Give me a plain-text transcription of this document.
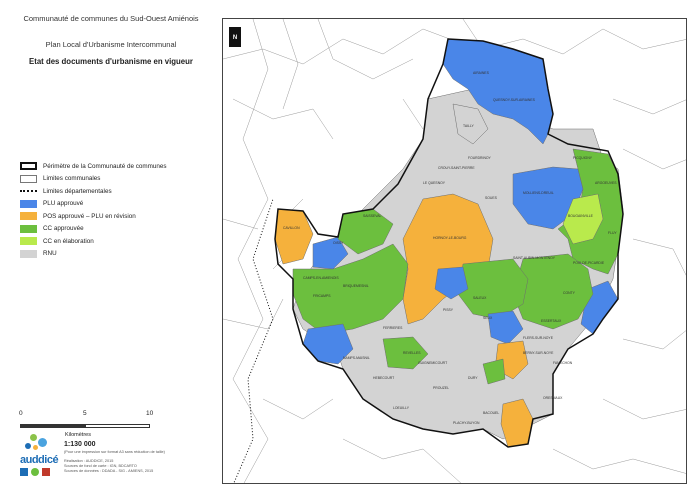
Communauté de communes du Sud-Ouest Amiénois
Plan Local d'Urbanisme Intercommunal
Etat des documents d'urbanisme en vigueur
Périmètre de la Communauté de communes
Limites communales
Limites départementales
PLU approuvé
POS approuvé – PLU en révision
CC approuvée
CC en élaboration
RNU
0	5	10
Kilomètres
auddicé
1:130 000
(Pour une impression sur format A3 sans réduction de taille)
Réalisation : AUDDICE, 2015
Sources de fond de carte : IGN, BDCARTO
Sources de données : DDADA - SIG - AMIENS, 2015
AIRAINES
QUESNOY-SUR-AIRAINES
TAILLY
MOLLIENS-DREUIL
FOURDRINOY	PICQUIGNY
BOUGAINVILLE
FLUY
ARGOEUVES
HORNOY-LE-BOURG
SAINT-AUBIN-MONTENOY
POIX-DE-PICARDIE
CONTY
ESSERTAUX
FLERS-SUR-NOYE
BERNY-SUR-NOYE
FAMECHON
OISSY
CAVILLON
SAISSEVAL
CAMPS-EN-AMIENOIS
FRICAMPS
BRIQUEMESNIL
FERRIERES
SALEUX
PISSY
SEUX
CROUY-SAINT-PIERRE
LE QUESNOY
SOUES
REVELLES
NAMPS-MAISNIL
HEBECOURT	DURY
PROUZEL
GUIGNEMICOURT
ORESMAUX
LOEUILLY
BACOUEL
PLACHY-BUYON
N
